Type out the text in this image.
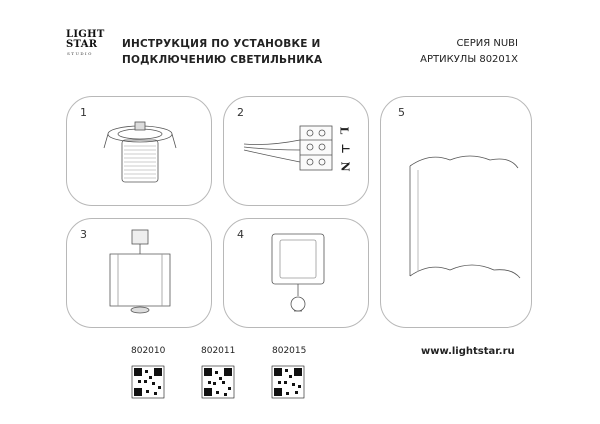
LIGHT
STAR
STUDIO
ИНСТРУКЦИЯ ПО УСТАНОВКЕ И
ПОДКЛЮЧЕНИЮ СВЕТИЛЬНИКА
СЕРИЯ NUBI
АРТИКУЛЫ 80201X
1	2
3	4
5
L
⊥
N
802010	802011	802015	www.lightstar.ru
